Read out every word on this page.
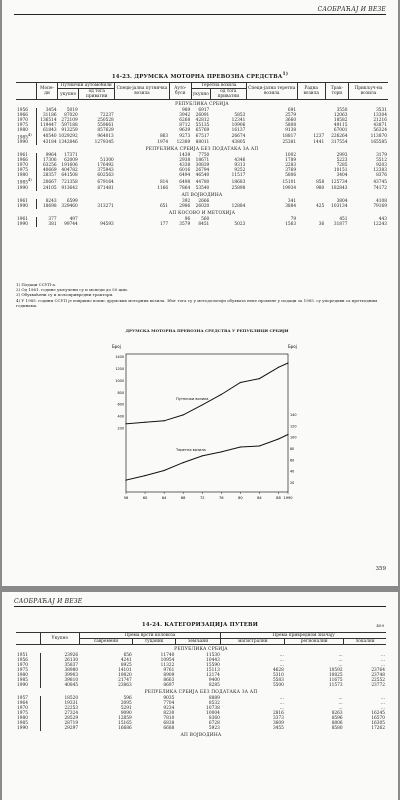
САОБРАЋАЈ И ВЕЗЕ
14-23. ДРУМСКА МОТОРНА ПРЕВОЗНА СРЕДСТВА$^{1)}$
	Мопе-ди	Путнички аутомобили		Специ-јална путничка возила	Ауто-буси	Теретна возила		Специ-јална теретна возила	Радна возила	Трак-тори	Прикључ-на возила
		укупно	од тога приватни			укупно	од тога приватни				
РЕПУБЛИКА СРБИЈА											
1956	3454	5019			989	6917		691		3550	3531
1966	31186	87020	72237		3942	26091	5853	2579		12063	13304
1970	136514	272109	250528		6268	42812	12341	3660		18582	21216
1975	119447	597188	559661		8712	55135	10906	5808		49115	43871
1980	61843	913259	857629		9639	65769	16137	9138		67001	56324
1985$^{4)}$	40540	1029292	964013	863	9273	67517	26674	18817	1237	226264	113870
1990	43184	1342846	1279345	1974	12389	88011	43805	25381	1441	317554	165585
РЕПУБЛИКА СРБИЈА БЕЗ ПОДАТАКА ЗА АП											
1961	9964	17371			1439	7750		1002		2993	3179
1966	17306	62009	51300		2938	18671	4346	1789		5223	5512
1970	63256	191606	176492		4338	30839	9313	2283		7285	9203
1975	40669	404782	375943		6016	26794	9252	3769		10151	12383
1980	28357	641508	602563		6494	46540	11517	5806		3404	8376
1985$^{4)}$	20667	721358	679164	814	6498	44780	18683	15101	858	125734	43745
1990	24105	913642	871481	1166	7864	53540	25898	19934	980	182843	74172
АП ВОЈВОДИНА											
1961	8243	6599			392	2666		341		3804	4108
1990	18698	329460	313271	651	2986	26020	12884	3884	425	103134	79169
АП КОСОВО И МЕТОХИЈА											
1961	377	497			96	560		79		451	443
1990	381	99744	94593	177	3579	8451	5023	1563	36	31877	12243
1) Подаци ССУП-а.
2) Од 1961. године укључени су и мопеди до 50 ццм.
3) Обухваћени су и пољопривредни трактори.
4) У 1985. години ССУП је извршио попис друмских моторних возила. Због тога су у методологији обухвата неке промене у подаци за 1985. су упоредиви са претходним годинама.
ДРУМСКА МОТОРНА ПРЕВОЗНА СРЕДСТВА У РЕПУБЛИЦИ СРБИЈИ
Број	Број
56	60	64	68	72	76	80	84	88 1990
1400
1200
1000
800
600
400
200
140
120
100
80
60
40
20
Путнички возила
Теретна возила
359
САОБРАЋАЈ И ВЕЗЕ
14-24. КАТЕГОРИЗАЦИЈА ПУТЕВИ	409
	Укупно	Према врсти коловоза			Према привредном значају		
		савремени	туцаник	земљани	магистрални	регионални	локални
РЕПУБЛИКА СРБИЈА							
1951	23926	656	11740	11530	...	...	...
1956	26130	4241	10954	10443	...	...	...
1970	35837	8925	11322	15590	...	...	...
1975	38980	14101	9761	15113	4628	10592	23764
1980	39903	19820	8909	12174	5310	10825	23748
1985	39810	21747	8663	9400	5583	11675	22552
1990	40845	23863	8697	8285	5500	11573	23772
РЕПУБЛИКА СРБИЈА БЕЗ ПОДАТАКА ЗА АП							
1957	18520	596	9035	8889	...	...	...
1964	19331	2095	7704	8532	...	...	...
1970	22253	5291	9234	10738	...	...	...
1975	27324	9090	8230	10004	2816	8263	16245
1980	28529	12859	7810	8360	3373	8596	16570
1985	28719	15165	6838	6728	3609	8806	16305
1990	29297	16686	6688	5923	3455	8580	17262
АП ВОЈВОДИНА							
